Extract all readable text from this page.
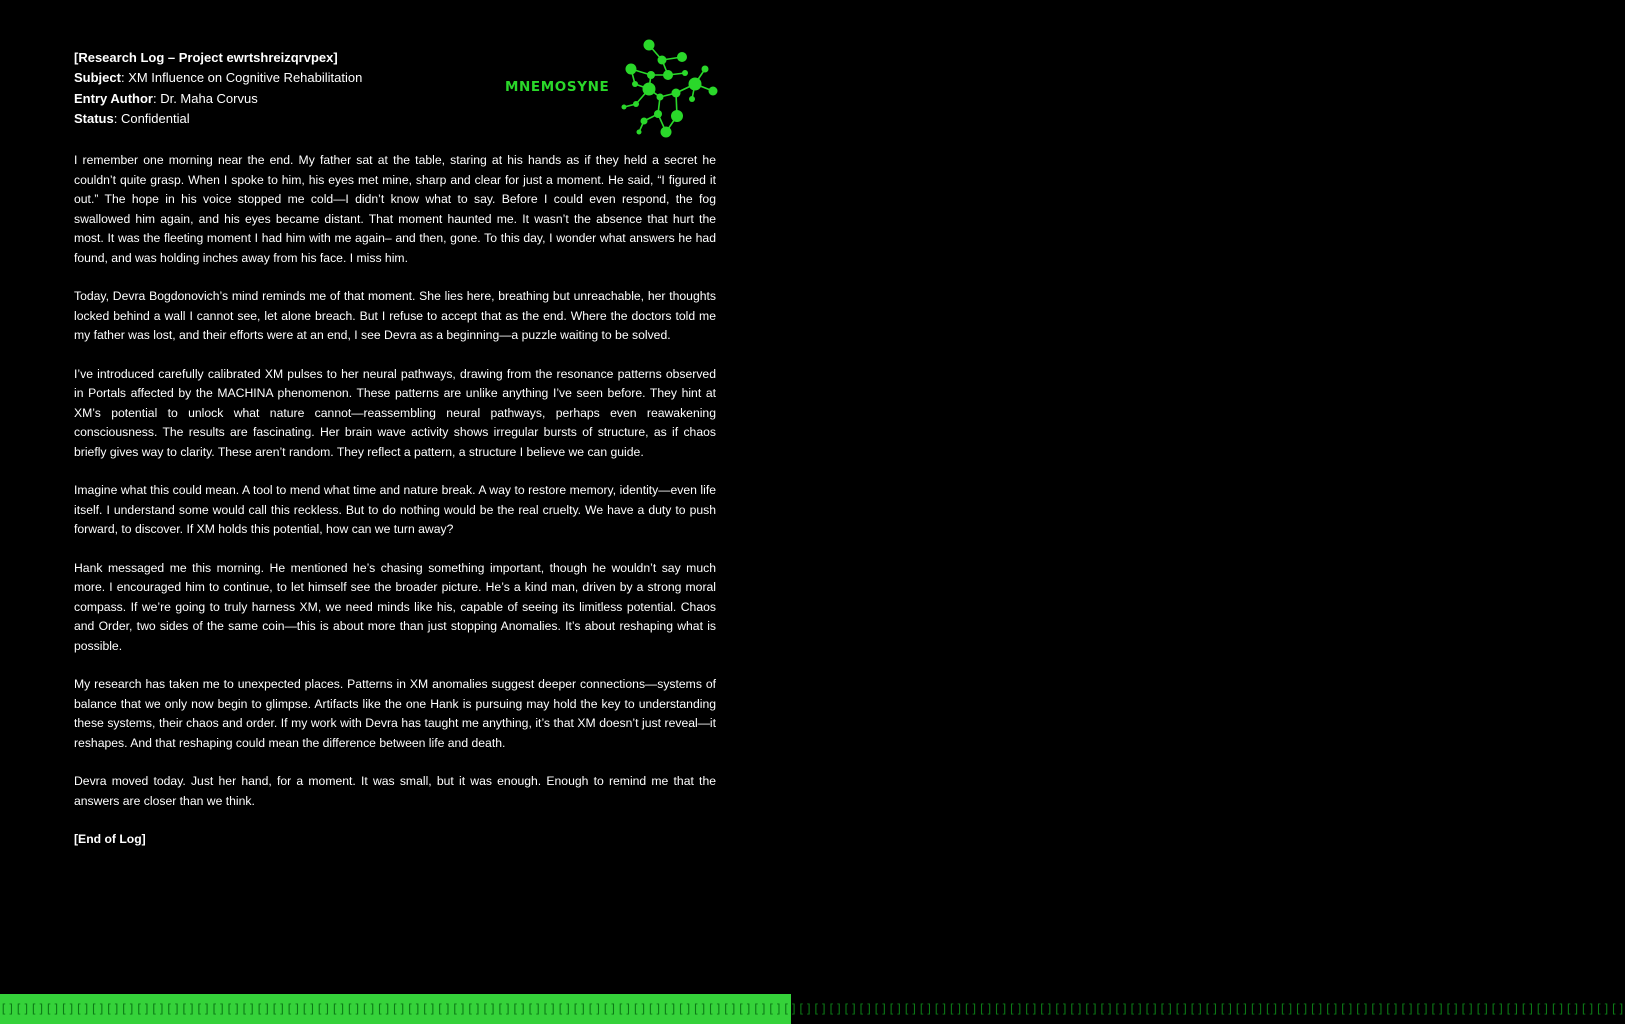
[Research Log – Project ewrtshreizqrvpex]
Subject: XM Influence on Cognitive Rehabilitation
Entry Author: Dr. Maha Corvus
Status: Confidential
MNEMOSYNE

I remember one morning near the end. My father sat at the table, staring at his hands as if they held a secret he couldn’t quite grasp. When I spoke to him, his eyes met mine, sharp and clear for just a moment. He said, “I figured it out.” The hope in his voice stopped me cold—I didn’t know what to say. Before I could even respond, the fog swallowed him again, and his eyes became distant. That moment haunted me. It wasn’t the absence that hurt the most. It was the fleeting moment I had him with me again– and then, gone. To this day, I wonder what answers he had found, and was holding inches away from his face. I miss him.

Today, Devra Bogdonovich’s mind reminds me of that moment. She lies here, breathing but unreachable, her thoughts locked behind a wall I cannot see, let alone breach. But I refuse to accept that as the end. Where the doctors told me my father was lost, and their efforts were at an end, I see Devra as a beginning—a puzzle waiting to be solved.

I’ve introduced carefully calibrated XM pulses to her neural pathways, drawing from the resonance patterns observed in Portals affected by the MACHINA phenomenon. These patterns are unlike anything I’ve seen before. They hint at XM’s potential to unlock what nature cannot—reassembling neural pathways, perhaps even reawakening consciousness. The results are fascinating. Her brain wave activity shows irregular bursts of structure, as if chaos briefly gives way to clarity. These aren’t random. They reflect a pattern, a structure I believe we can guide.

Imagine what this could mean. A tool to mend what time and nature break. A way to restore memory, identity—even life itself. I understand some would call this reckless. But to do nothing would be the real cruelty. We have a duty to push forward, to discover. If XM holds this potential, how can we turn away?

Hank messaged me this morning. He mentioned he’s chasing something important, though he wouldn’t say much more. I encouraged him to continue, to let himself see the broader picture. He’s a kind man, driven by a strong moral compass. If we’re going to truly harness XM, we need minds like his, capable of seeing its limitless potential. Chaos and Order, two sides of the same coin—this is about more than just stopping Anomalies. It’s about reshaping what is possible.

My research has taken me to unexpected places. Patterns in XM anomalies suggest deeper connections—systems of balance that we only now begin to glimpse. Artifacts like the one Hank is pursuing may hold the key to understanding these systems, their chaos and order. If my work with Devra has taught me anything, it’s that XM doesn’t just reveal—it reshapes. And that reshaping could mean the difference between life and death.

Devra moved today. Just her hand, for a moment. It was small, but it was enough. Enough to remind me that the answers are closer than we think.

[End of Log]
[][][][][][][][][][][][][][][][][][][][][][][][][][][][][][][][][][][][][][][][][][][][][][][][][][][][][][][][][][][][][][][][][][][][][][][][][][][][][][][][][][][][][][][][][][][][][][][][][][][][][][][][][][][][]
